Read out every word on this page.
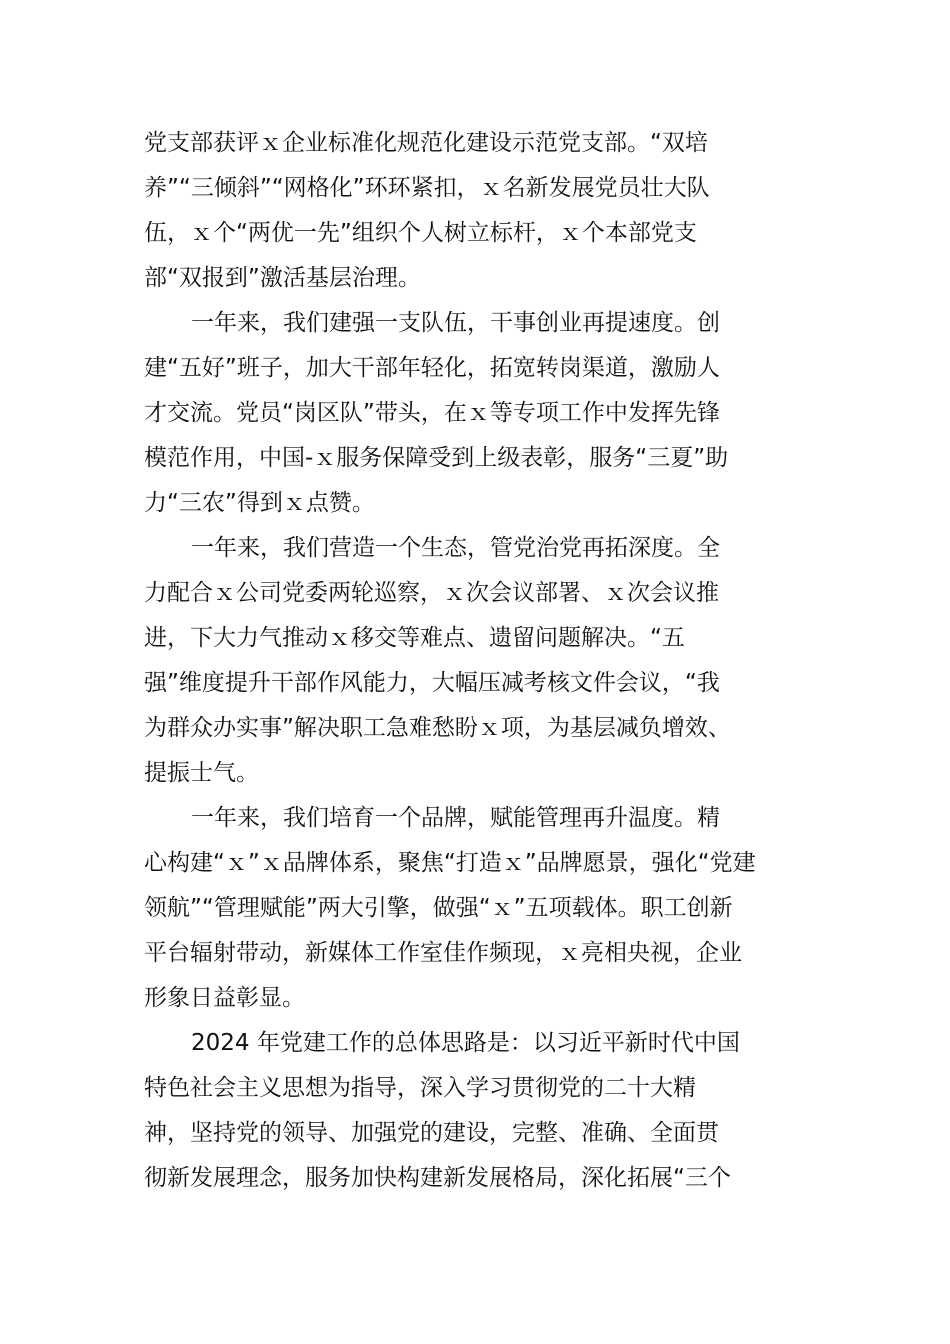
党支部获评ｘ企业标准化规范化建设示范党支部。“双培
养”“三倾斜”“网格化”环环紧扣，ｘ名新发展党员壮大队
伍，ｘ个“两优一先”组织个人树立标杆，ｘ个本部党支
部“双报到”激活基层治理。
一年来，我们建强一支队伍，干事创业再提速度。创
建“五好”班子，加大干部年轻化，拓宽转岗渠道，激励人
才交流。党员“岗区队”带头，在ｘ等专项工作中发挥先锋
模范作用，中国-ｘ服务保障受到上级表彰，服务“三夏”助
力“三农”得到ｘ点赞。
一年来，我们营造一个生态，管党治党再拓深度。全
力配合ｘ公司党委两轮巡察，ｘ次会议部署、ｘ次会议推
进，下大力气推动ｘ移交等难点、遗留问题解决。“五
强”维度提升干部作风能力，大幅压减考核文件会议，“我
为群众办实事”解决职工急难愁盼ｘ项，为基层减负增效、
提振士气。
一年来，我们培育一个品牌，赋能管理再升温度。精
心构建“ｘ”ｘ品牌体系，聚焦“打造ｘ”品牌愿景，强化“党建
领航”“管理赋能”两大引擎，做强“ｘ”五项载体。职工创新
平台辐射带动，新媒体工作室佳作频现，ｘ亮相央视，企业
形象日益彰显。
2024 年党建工作的总体思路是：以习近平新时代中国
特色社会主义思想为指导，深入学习贯彻党的二十大精
神，坚持党的领导、加强党的建设，完整、准确、全面贯
彻新发展理念，服务加快构建新发展格局，深化拓展“三个
